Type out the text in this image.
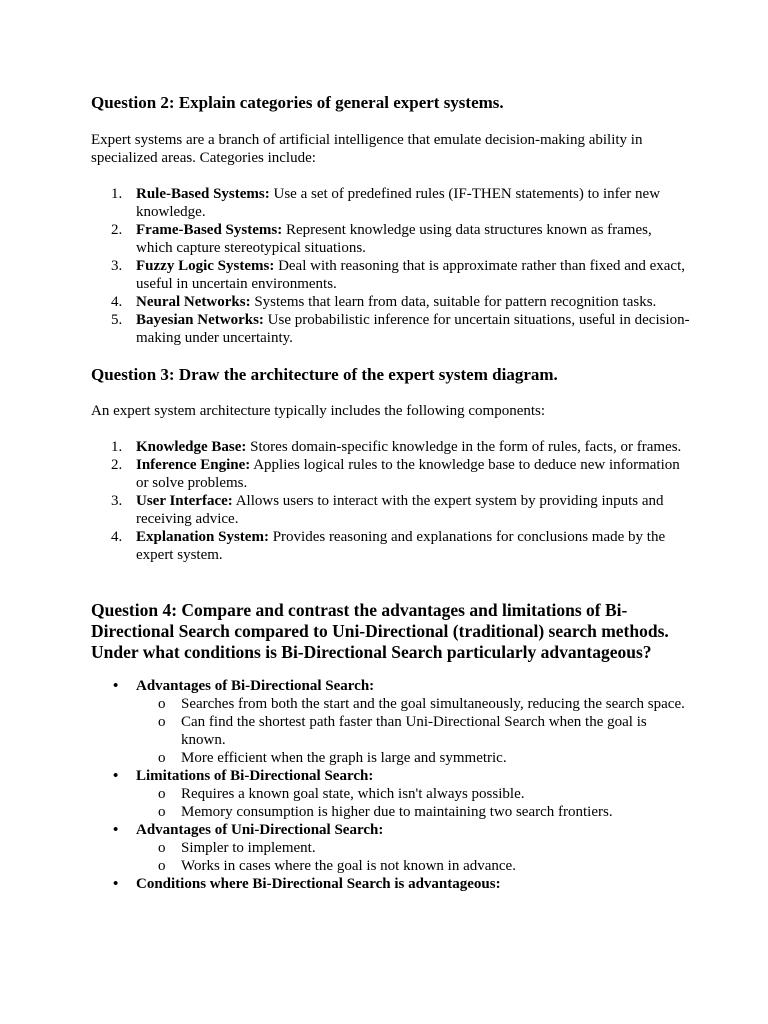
Question 2: Explain categories of general expert systems.

Expert systems are a branch of artificial intelligence that emulate decision-making ability in specialized areas. Categories include:

1. Rule-Based Systems: Use a set of predefined rules (IF-THEN statements) to infer new knowledge.
2. Frame-Based Systems: Represent knowledge using data structures known as frames, which capture stereotypical situations.
3. Fuzzy Logic Systems: Deal with reasoning that is approximate rather than fixed and exact, useful in uncertain environments.
4. Neural Networks: Systems that learn from data, suitable for pattern recognition tasks.
5. Bayesian Networks: Use probabilistic inference for uncertain situations, useful in decision-making under uncertainty.
Question 3: Draw the architecture of the expert system diagram.

An expert system architecture typically includes the following components:

1. Knowledge Base: Stores domain-specific knowledge in the form of rules, facts, or frames.
2. Inference Engine: Applies logical rules to the knowledge base to deduce new information or solve problems.
3. User Interface: Allows users to interact with the expert system by providing inputs and receiving advice.
4. Explanation System: Provides reasoning and explanations for conclusions made by the expert system.
Question 4: Compare and contrast the advantages and limitations of Bi-Directional Search compared to Uni-Directional (traditional) search methods. Under what conditions is Bi-Directional Search particularly advantageous?
• Advantages of Bi-Directional Search:
o Searches from both the start and the goal simultaneously, reducing the search space.
o Can find the shortest path faster than Uni-Directional Search when the goal is known.
o More efficient when the graph is large and symmetric.
• Limitations of Bi-Directional Search:
o Requires a known goal state, which isn't always possible.
o Memory consumption is higher due to maintaining two search frontiers.
• Advantages of Uni-Directional Search:
o Simpler to implement.
o Works in cases where the goal is not known in advance.
• Conditions where Bi-Directional Search is advantageous:
